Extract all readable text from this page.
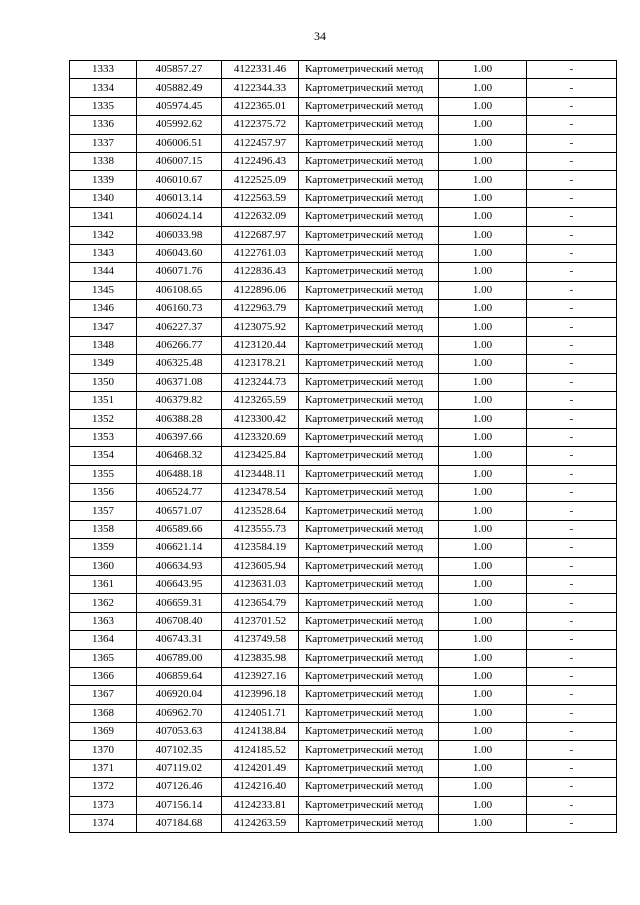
34
1333	405857.27	4122331.46	Картометрический метод	1.00	-
1334	405882.49	4122344.33	Картометрический метод	1.00	-
1335	405974.45	4122365.01	Картометрический метод	1.00	-
1336	405992.62	4122375.72	Картометрический метод	1.00	-
1337	406006.51	4122457.97	Картометрический метод	1.00	-
1338	406007.15	4122496.43	Картометрический метод	1.00	-
1339	406010.67	4122525.09	Картометрический метод	1.00	-
1340	406013.14	4122563.59	Картометрический метод	1.00	-
1341	406024.14	4122632.09	Картометрический метод	1.00	-
1342	406033.98	4122687.97	Картометрический метод	1.00	-
1343	406043.60	4122761.03	Картометрический метод	1.00	-
1344	406071.76	4122836.43	Картометрический метод	1.00	-
1345	406108.65	4122896.06	Картометрический метод	1.00	-
1346	406160.73	4122963.79	Картометрический метод	1.00	-
1347	406227.37	4123075.92	Картометрический метод	1.00	-
1348	406266.77	4123120.44	Картометрический метод	1.00	-
1349	406325.48	4123178.21	Картометрический метод	1.00	-
1350	406371.08	4123244.73	Картометрический метод	1.00	-
1351	406379.82	4123265.59	Картометрический метод	1.00	-
1352	406388.28	4123300.42	Картометрический метод	1.00	-
1353	406397.66	4123320.69	Картометрический метод	1.00	-
1354	406468.32	4123425.84	Картометрический метод	1.00	-
1355	406488.18	4123448.11	Картометрический метод	1.00	-
1356	406524.77	4123478.54	Картометрический метод	1.00	-
1357	406571.07	4123528.64	Картометрический метод	1.00	-
1358	406589.66	4123555.73	Картометрический метод	1.00	-
1359	406621.14	4123584.19	Картометрический метод	1.00	-
1360	406634.93	4123605.94	Картометрический метод	1.00	-
1361	406643.95	4123631.03	Картометрический метод	1.00	-
1362	406659.31	4123654.79	Картометрический метод	1.00	-
1363	406708.40	4123701.52	Картометрический метод	1.00	-
1364	406743.31	4123749.58	Картометрический метод	1.00	-
1365	406789.00	4123835.98	Картометрический метод	1.00	-
1366	406859.64	4123927.16	Картометрический метод	1.00	-
1367	406920.04	4123996.18	Картометрический метод	1.00	-
1368	406962.70	4124051.71	Картометрический метод	1.00	-
1369	407053.63	4124138.84	Картометрический метод	1.00	-
1370	407102.35	4124185.52	Картометрический метод	1.00	-
1371	407119.02	4124201.49	Картометрический метод	1.00	-
1372	407126.46	4124216.40	Картометрический метод	1.00	-
1373	407156.14	4124233.81	Картометрический метод	1.00	-
1374	407184.68	4124263.59	Картометрический метод	1.00	-
